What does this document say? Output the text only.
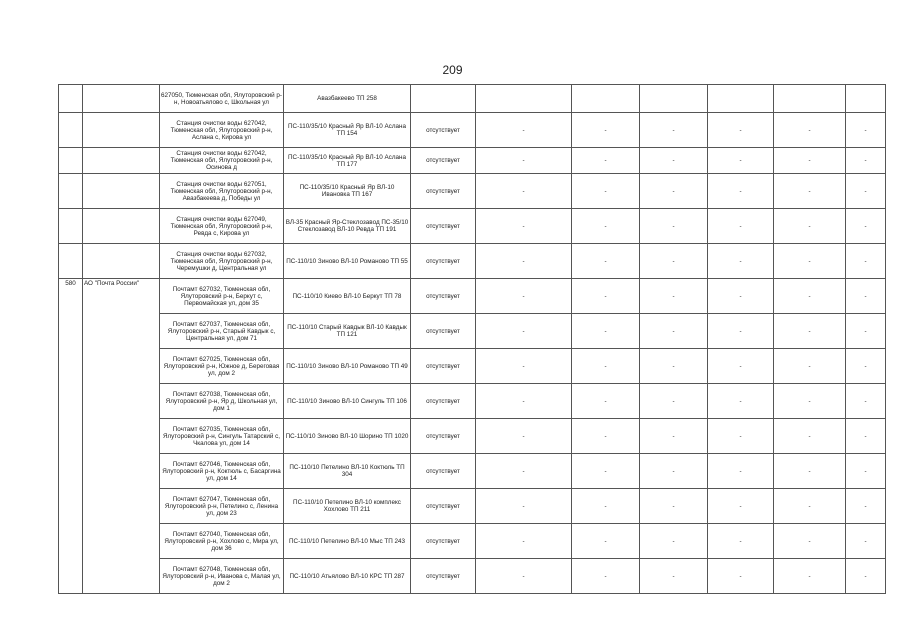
209
		627050, Тюменская обл, Ялуторовский р-н, Новоатьялово с, Школьная ул	Авазбакеево ТП 258							
		Станция очистки воды 627042, Тюменская обл, Ялуторовский р-н, Аслана с, Кирова ул	ПС-110/35/10 Красный Яр ВЛ-10 Аслана ТП 154	отсутствует	-	-	-	-	-	-
		Станция очистки воды 627042, Тюменская обл, Ялуторовский р-н, Осинова д	ПС-110/35/10 Красный Яр ВЛ-10 Аслана ТП 177	отсутствует	-	-	-	-	-	-
		Станция очистки воды 627051, Тюменская обл, Ялуторовский р-н, Авазбакеева д, Победы ул	ПС-110/35/10 Красный Яр ВЛ-10 Ивановка ТП 167	отсутствует	-	-	-	-	-	-
		Станция очистки воды 627049, Тюменская обл, Ялуторовский р-н, Ревда с, Кирова ул	ВЛ-35 Красный Яр-Стеклозавод ПС-35/10 Стеклозавод ВЛ-10 Ревда ТП 191	отсутствует	-	-	-	-	-	-
		Станция очистки воды 627032, Тюменская обл, Ялуторовский р-н, Черемушки д, Центральная ул	ПС-110/10 Зиново ВЛ-10 Романово ТП 55	отсутствует	-	-	-	-	-	-
580	АО "Почта России"	Почтамт 627032, Тюменская обл, Ялуторовский р-н, Беркут с, Первомайская ул, дом 35	ПС-110/10 Киево ВЛ-10 Беркут ТП 78	отсутствует	-	-	-	-	-	-
		Почтамт 627037, Тюменская обл, Ялуторовский р-н, Старый Кавдык с, Центральная ул, дом 71	ПС-110/10 Старый Кавдык ВЛ-10 Кавдык ТП 121	отсутствует	-	-	-	-	-	-
		Почтамт 627025, Тюменская обл, Ялуторовский р-н, Южное д, Береговая ул, дом 2	ПС-110/10 Зиново ВЛ-10 Романово ТП 49	отсутствует	-	-	-	-	-	-
		Почтамт 627038, Тюменская обл, Ялуторовский р-н, Яр д, Школьная ул, дом 1	ПС-110/10 Зиново ВЛ-10 Сингуль ТП 106	отсутствует	-	-	-	-	-	-
		Почтамт 627035, Тюменская обл, Ялуторовский р-н, Сингуль Татарский с, Чкалова ул, дом 14	ПС-110/10 Зиново ВЛ-10 Шорино ТП 1020	отсутствует	-	-	-	-	-	-
		Почтамт 627046, Тюменская обл, Ялуторовский р-н, Коктюль с, Басаргина ул, дом 14	ПС-110/10 Петелино ВЛ-10 Коктюль ТП 304	отсутствует	-	-	-	-	-	-
		Почтамт 627047, Тюменская обл, Ялуторовский р-н, Петелино с, Ленина ул, дом 23	ПС-110/10 Петелино ВЛ-10 комплекс Хохлово ТП 211	отсутствует	-	-	-	-	-	-
		Почтамт 627040, Тюменская обл, Ялуторовский р-н, Хохлово с, Мира ул, дом 36	ПС-110/10 Петелино ВЛ-10 Мыс ТП 243	отсутствует	-	-	-	-	-	-
		Почтамт 627048, Тюменская обл, Ялуторовский р-н, Иванова с, Малая ул, дом 2	ПС-110/10 Атьялово ВЛ-10 КРС ТП 287	отсутствует	-	-	-	-	-	-
